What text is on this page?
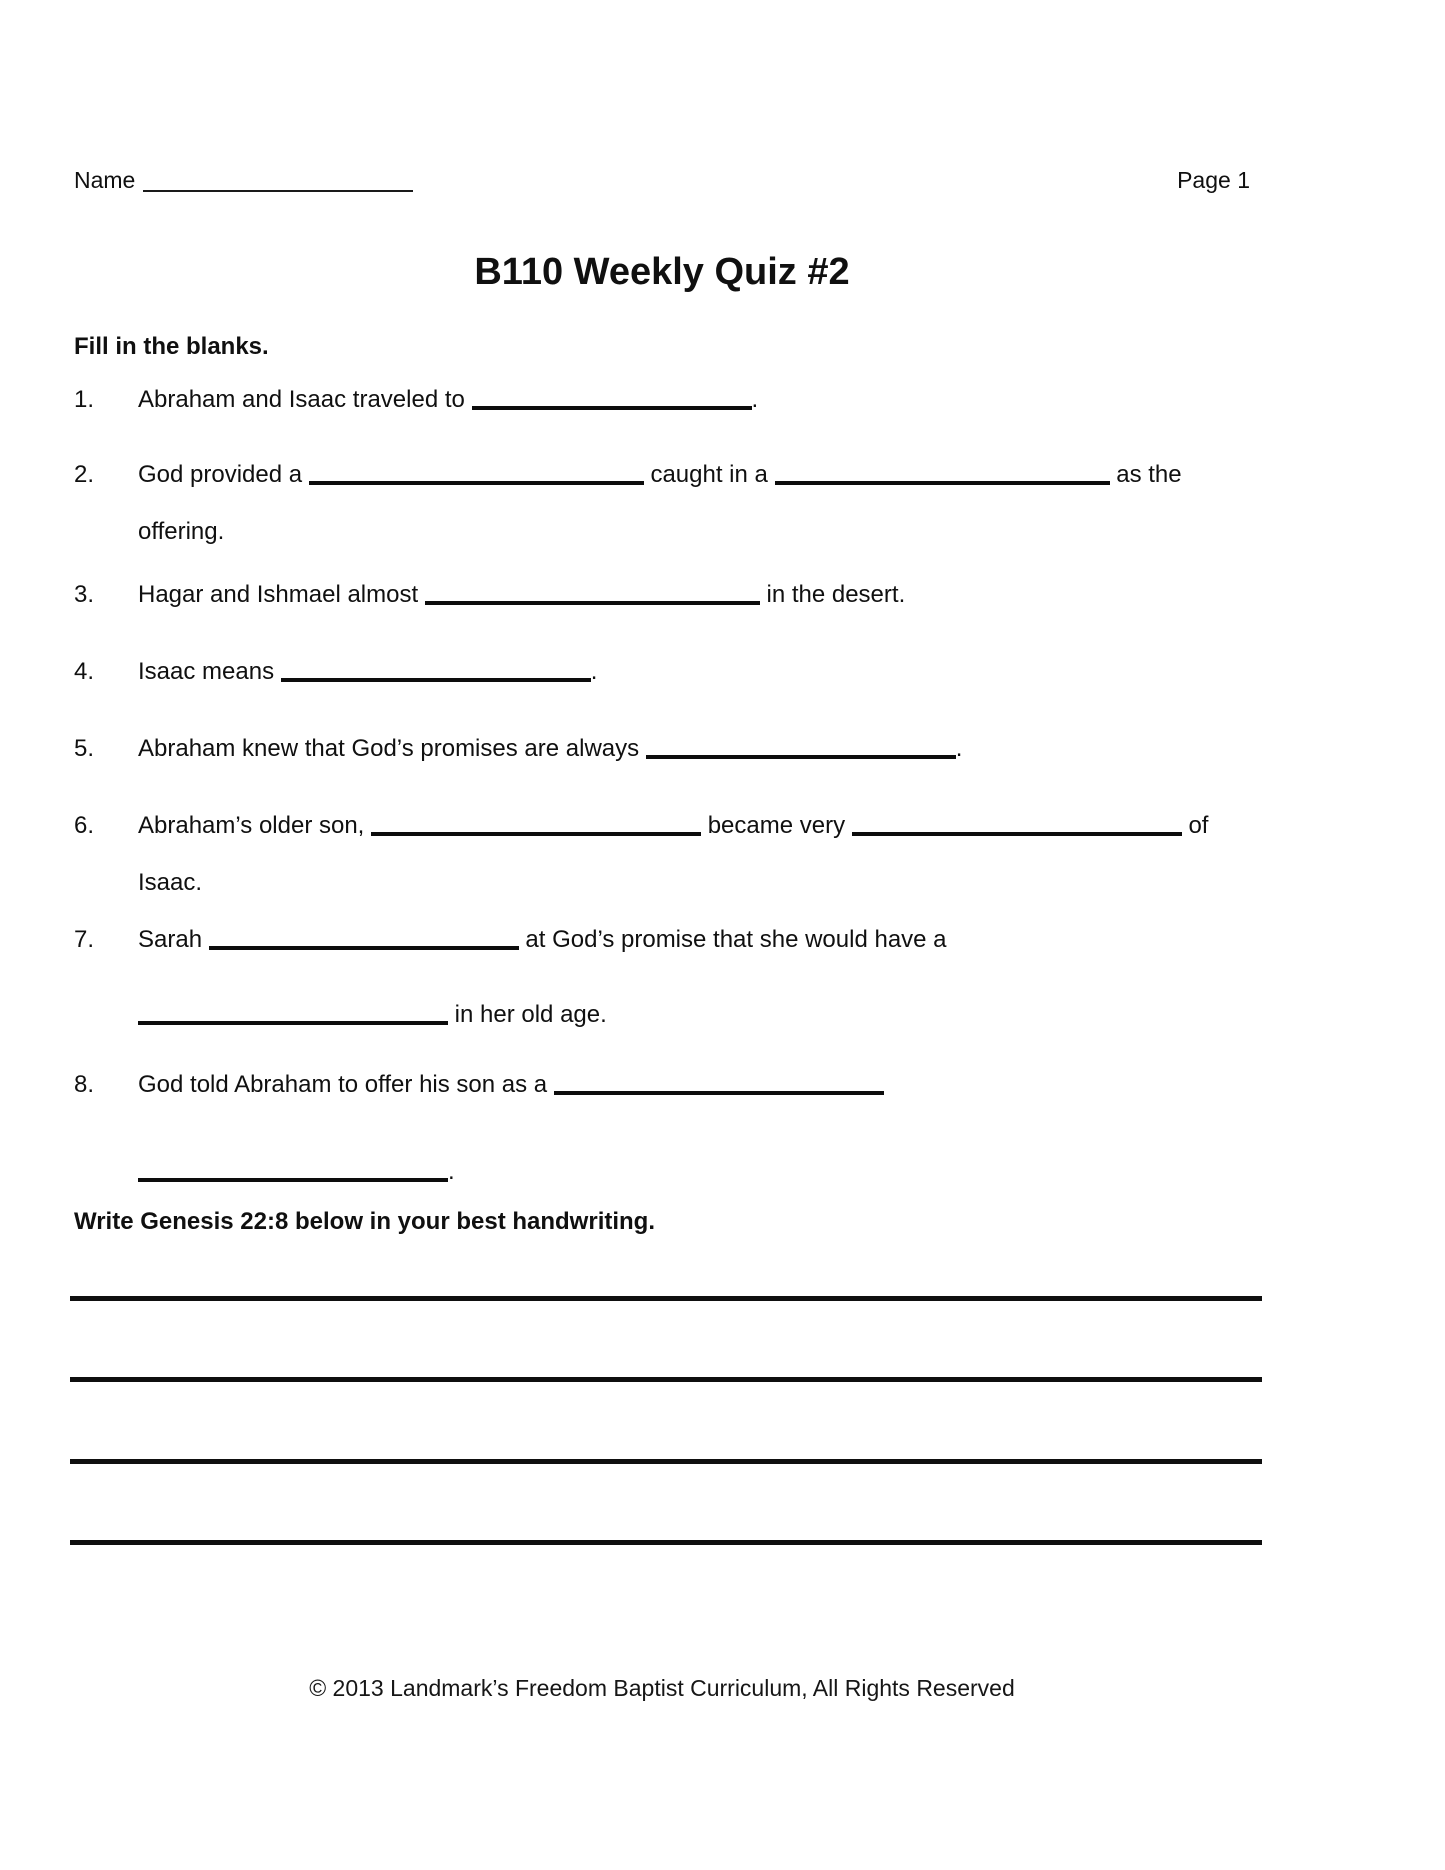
Name	Page 1
B110 Weekly Quiz #2
Fill in the blanks.
1.	Abraham and Isaac traveled to	.
2.	God provided a	caught in a	as the
offering.
3.	Hagar and Ishmael almost	in the desert.
4.	Isaac means	.
5.	Abraham knew that God’s promises are always	.
6.	Abraham’s older son,	became very	of
Isaac.
7.	Sarah	at God’s promise that she would have a
in her old age.
8.	God told Abraham to offer his son as a
.
Write Genesis 22:8 below in your best handwriting.
© 2013 Landmark’s Freedom Baptist Curriculum, All Rights Reserved
